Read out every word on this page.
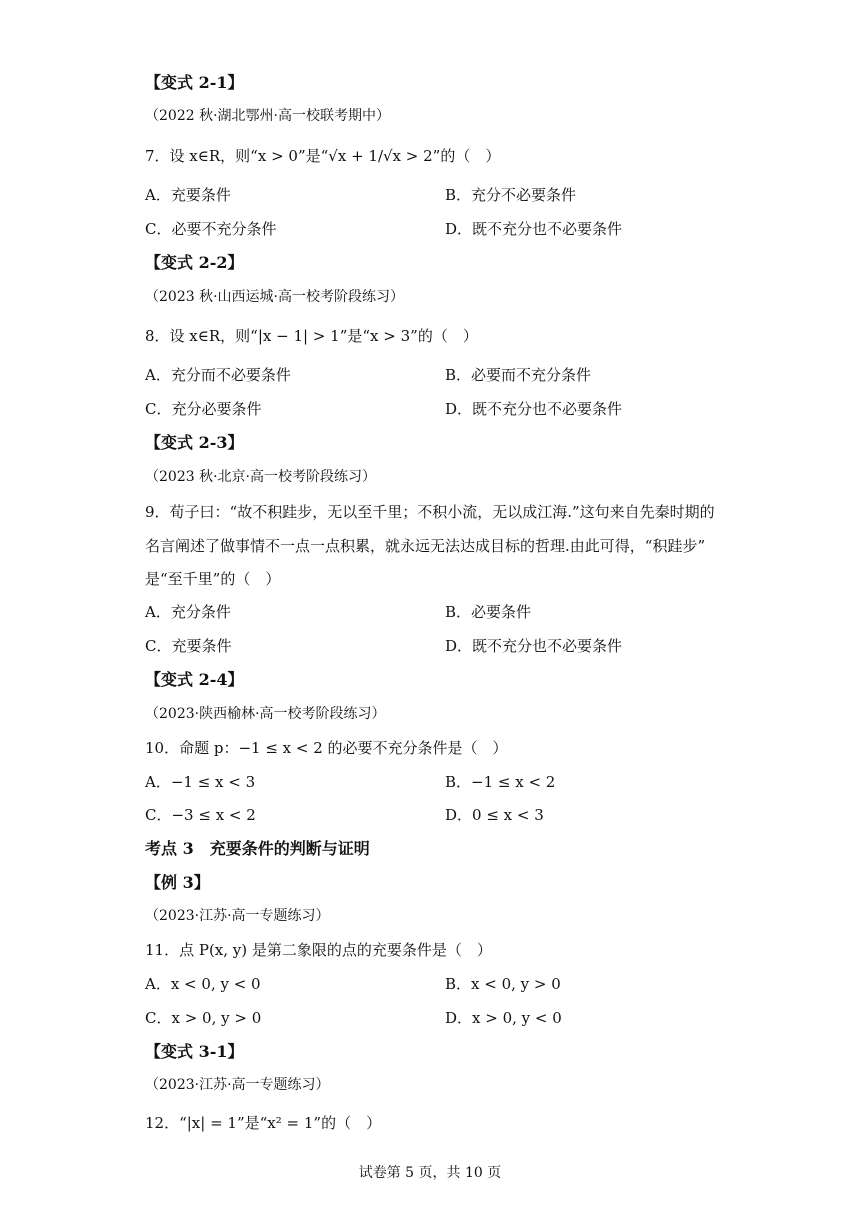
【变式 2-1】
（2022 秋·湖北鄂州·高一校联考期中）
7．设 x∈R，则“x > 0”是“√x + 1/√x > 2”的（　）
A．充要条件	B．充分不必要条件
C．必要不充分条件	D．既不充分也不必要条件
【变式 2-2】
（2023 秋·山西运城·高一校考阶段练习）
8．设 x∈R，则“|x − 1| > 1”是“x > 3”的（　）
A．充分而不必要条件	B．必要而不充分条件
C．充分必要条件	D．既不充分也不必要条件
【变式 2-3】
（2023 秋·北京·高一校考阶段练习）
9．荀子曰：“故不积跬步，无以至千里；不积小流，无以成江海.”这句来自先秦时期的
名言阐述了做事情不一点一点积累，就永远无法达成目标的哲理.由此可得，“积跬步”
是“至千里”的（　）
A．充分条件	B．必要条件
C．充要条件	D．既不充分也不必要条件
【变式 2-4】
（2023·陕西榆林·高一校考阶段练习）
10．命题 p：−1 ≤ x < 2 的必要不充分条件是（　）
A．−1 ≤ x < 3	B．−1 ≤ x < 2
C．−3 ≤ x < 2	D．0 ≤ x < 3
考点 3　充要条件的判断与证明
【例 3】
（2023·江苏·高一专题练习）
11．点 P(x, y) 是第二象限的点的充要条件是（　）
A．x < 0, y < 0	B．x < 0, y > 0
C．x > 0, y > 0	D．x > 0, y < 0
【变式 3-1】
（2023·江苏·高一专题练习）
12．“|x| = 1”是“x² = 1”的（　）
试卷第 5 页，共 10 页
